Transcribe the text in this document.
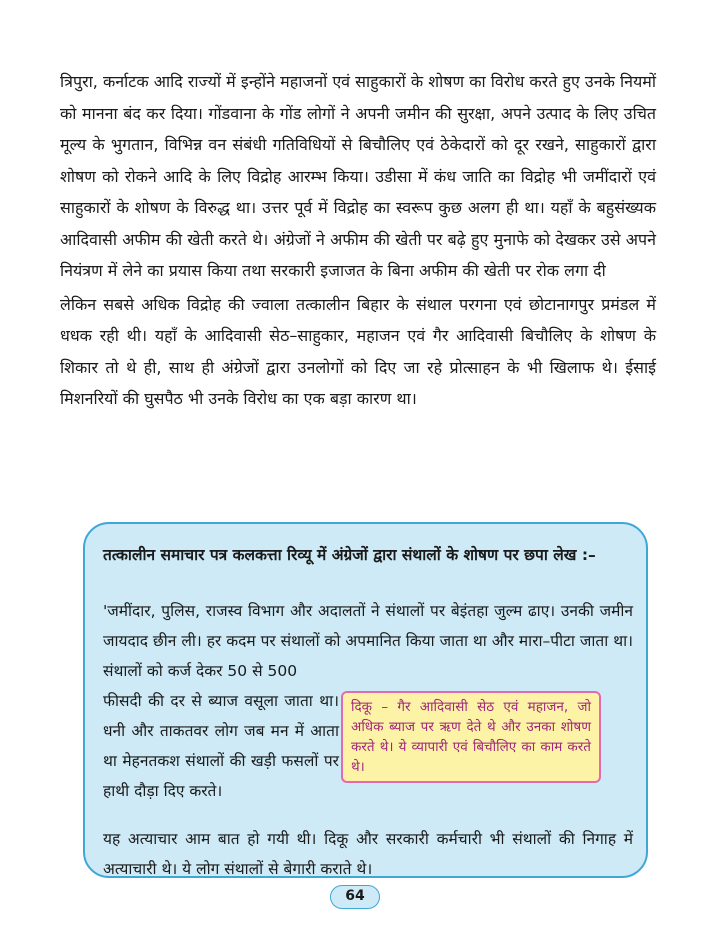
त्रिपुरा, कर्नाटक आदि राज्यों में इन्होंने महाजनों एवं साहुकारों के शोषण का विरोध करते हुए उनके नियमों को मानना बंद कर दिया। गोंडवाना के गोंड लोगों ने अपनी जमीन की सुरक्षा, अपने उत्पाद के लिए उचित मूल्य के भुगतान, विभिन्न वन संबंधी गतिविधियों से बिचौलिए एवं ठेकेदारों को दूर रखने, साहुकारों द्वारा शोषण को रोकने आदि के लिए विद्रोह आरम्भ किया। उडीसा में कंध जाति का विद्रोह भी जमींदारों एवं साहुकारों के शोषण के विरुद्ध था। उत्तर पूर्व में विद्रोह का स्वरूप कुछ अलग ही था। यहाँ के बहुसंख्यक आदिवासी अफीम की खेती करते थे। अंग्रेजों ने अफीम की खेती पर बढ़े हुए मुनाफे को देखकर उसे अपने नियंत्रण में लेने का प्रयास किया तथा सरकारी इजाजत के बिना अफीम की खेती पर रोक लगा दी

लेकिन सबसे अधिक विद्रोह की ज्वाला तत्कालीन बिहार के संथाल परगना एवं छोटानागपुर प्रमंडल में धधक रही थी। यहाँ के आदिवासी सेठ–साहुकार, महाजन एवं गैर आदिवासी बिचौलिए के शोषण के शिकार तो थे ही, साथ ही अंग्रेजों द्वारा उनलोगों को दिए जा रहे प्रोत्साहन के भी खिलाफ थे। ईसाई मिशनरियों की घुसपैठ भी उनके विरोध का एक बड़ा कारण था।

तत्कालीन समाचार पत्र कलकत्ता रिव्यू में अंग्रेजों द्वारा संथालों के शोषण पर छपा लेख :–

'जमींदार, पुलिस, राजस्व विभाग और अदालतों ने संथालों पर बेइंतहा जुल्म ढाए। उनकी जमीन जायदाद छीन ली। हर कदम पर संथालों को अपमानित किया जाता था और मारा–पीटा जाता था। संथालों को कर्ज देकर 50 से 500

फीसदी की दर से ब्याज वसूला जाता था। धनी और ताकतवर लोग जब मन में आता था मेहनतकश संथालों की खड़ी फसलों पर हाथी दौड़ा दिए करते।

दिकू – गैर आदिवासी सेठ एवं महाजन, जो अधिक ब्याज पर ऋण देते थे और उनका शोषण करते थे। ये व्यापारी एवं बिचौलिए का काम करते थे।
यह अत्याचार आम बात हो गयी थी। दिकू और सरकारी कर्मचारी भी संथालों की निगाह में अत्याचारी थे। ये लोग संथालों से बेगारी कराते थे।
64
